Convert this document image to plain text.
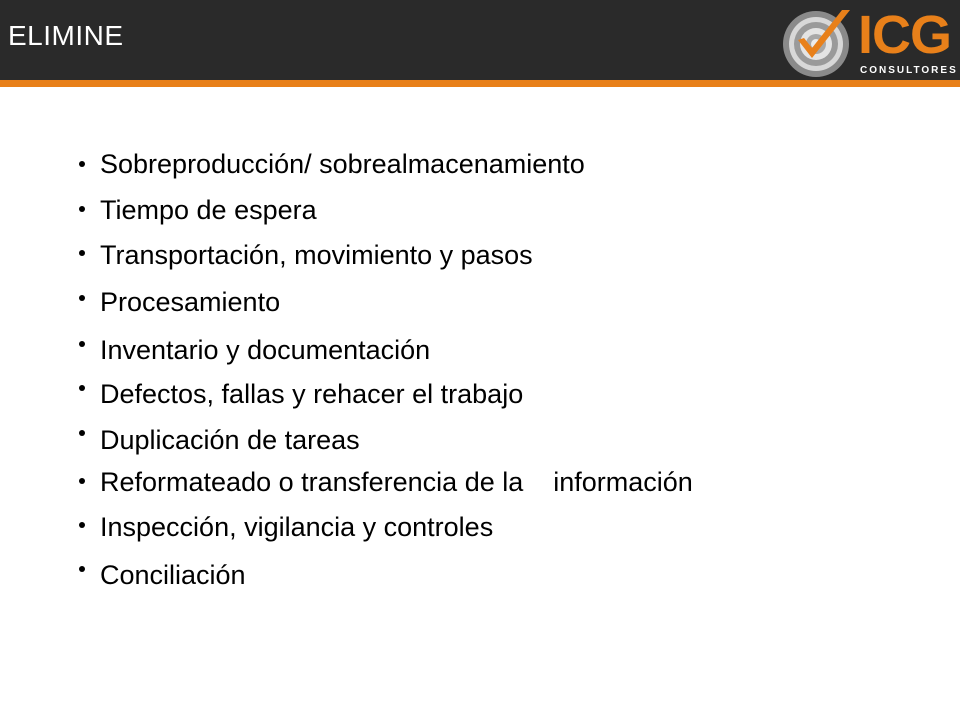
ELIMINE	ICG
CONSULTORES
Sobreproducción/ sobrealmacenamiento
Tiempo de espera
Transportación, movimiento y pasos
Procesamiento
Inventario y documentación
Defectos, fallas y rehacer el trabajo
Duplicación de tareas
Reformateado o transferencia de la    información
Inspección, vigilancia y controles
Conciliación
